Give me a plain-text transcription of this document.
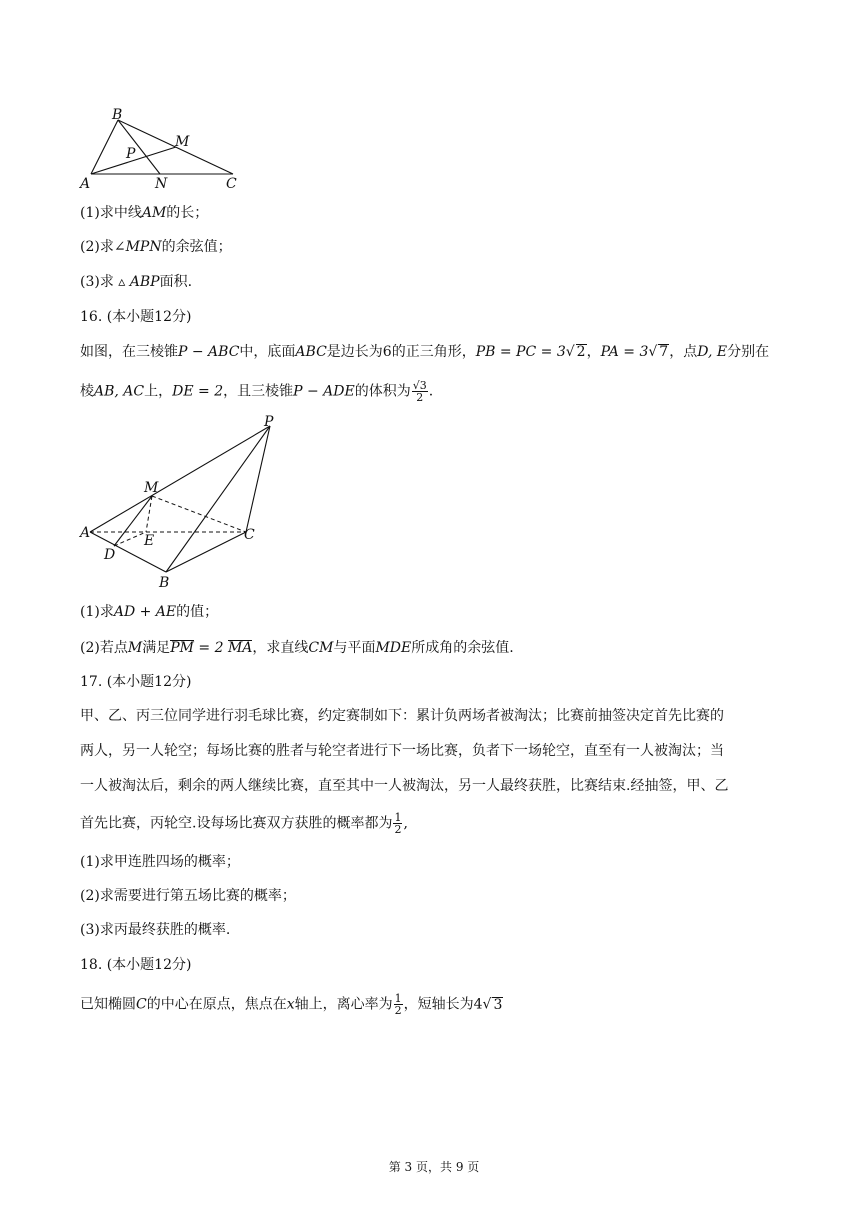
B
M
P
A	N	C
(1)求中线AM的长；
(2)求∠MPN的余弦值；
(3)求 ▵ ABP面积.
16. (本小题12分)
如图，在三棱锥P − ABC中，底面ABC是边长为6的正三角形，PB = PC = 3√ 2，PA = 3√ 7，点D, E分别在
棱AB, AC上，DE = 2，且三棱锥P − ADE的体积为 $\frac{√3}{2}$ .
P
M
A	E	C
D
B
(1)求AD + AE的值；
(2)若点M满足PM = 2 MA，求直线CM与平面MDE所成角的余弦值.
17. (本小题12分)
甲、乙、丙三位同学进行羽毛球比赛，约定赛制如下：累计负两场者被淘汰；比赛前抽签决定首先比赛的
两人，另一人轮空；每场比赛的胜者与轮空者进行下一场比赛，负者下一场轮空，直至有一人被淘汰；当
一人被淘汰后，剩余的两人继续比赛，直至其中一人被淘汰，另一人最终获胜，比赛结束.经抽签，甲、乙
首先比赛，丙轮空.设每场比赛双方获胜的概率都为 $\frac{1}{2}$ ,
(1)求甲连胜四场的概率；
(2)求需要进行第五场比赛的概率；
(3)求丙最终获胜的概率.
18. (本小题12分)
已知椭圆C的中心在原点，焦点在x轴上，离心率为 $\frac{1}{2}$ ，短轴长为4√ 3
第 3 页，共 9 页
